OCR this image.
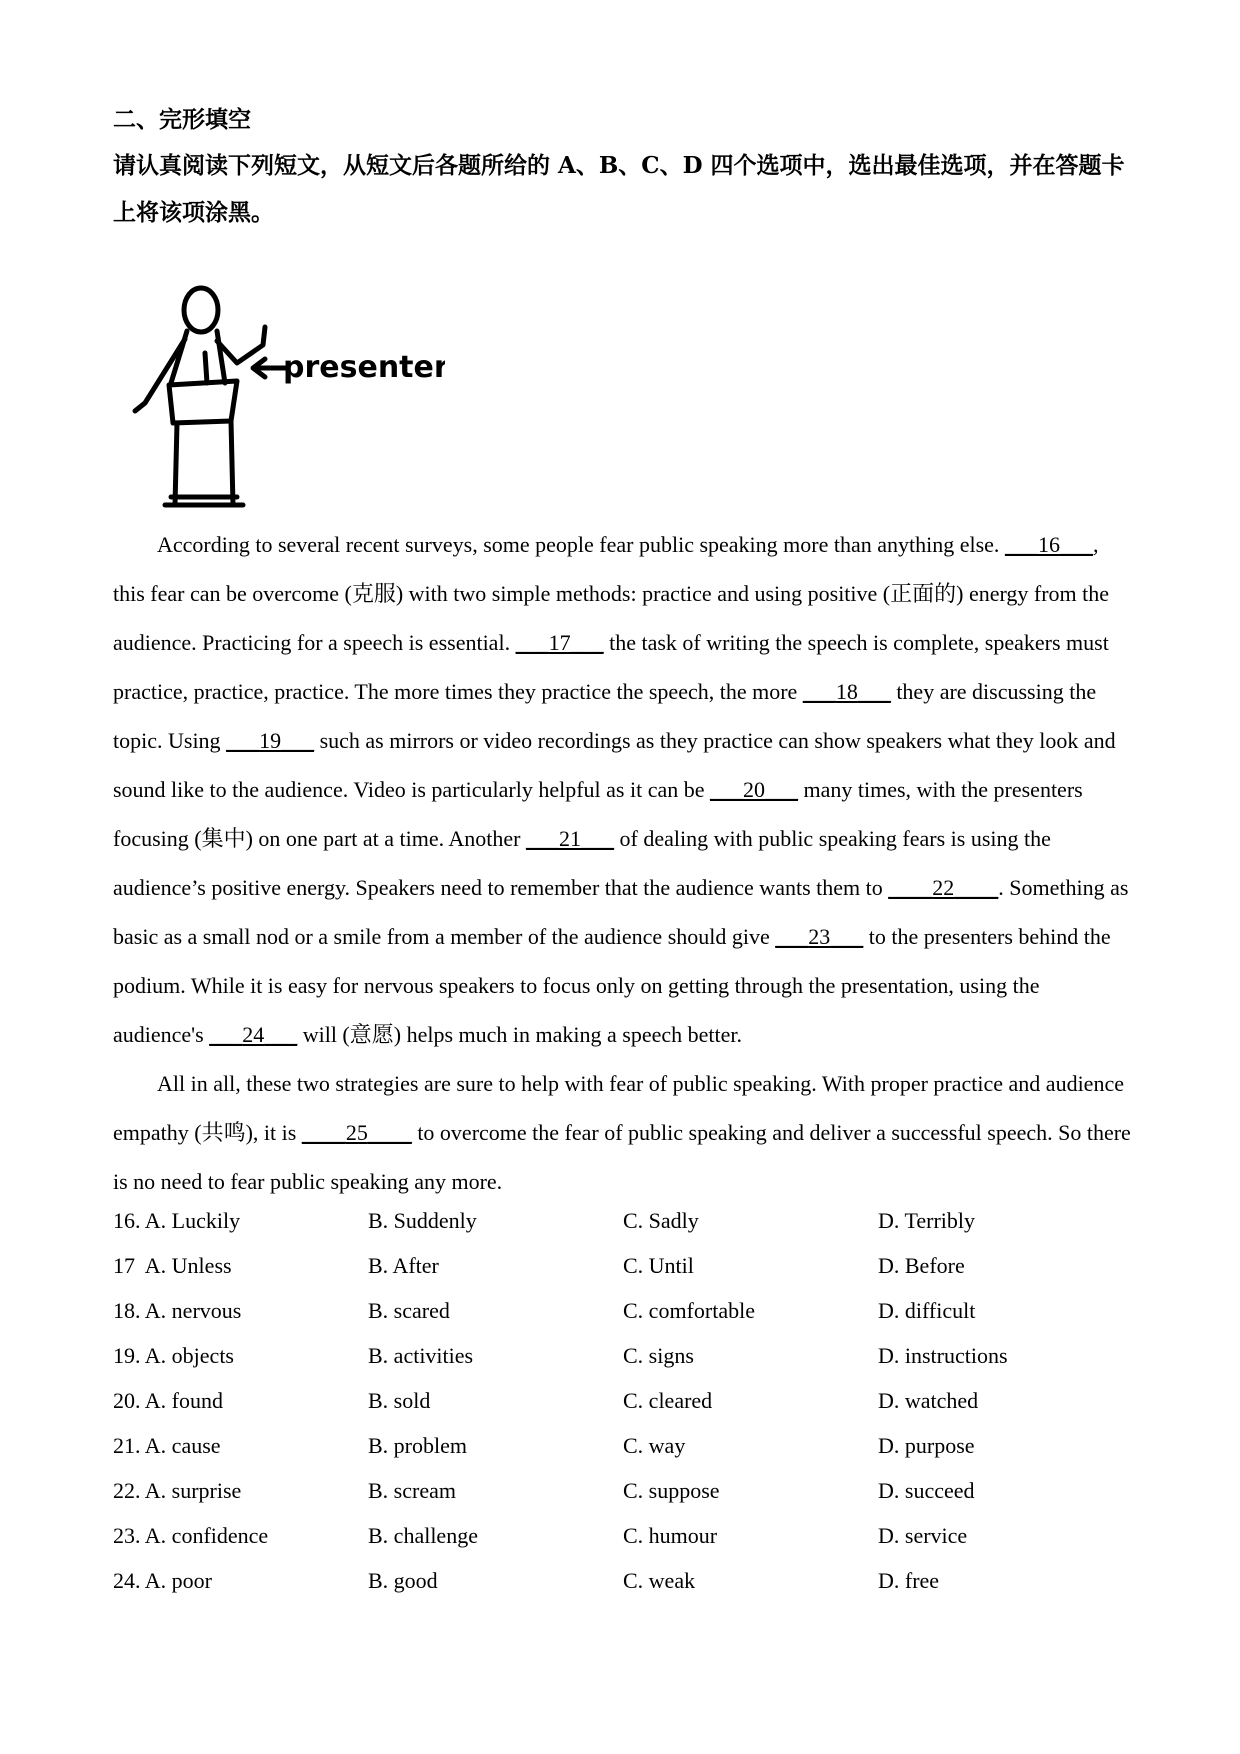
二、完形填空
请认真阅读下列短文，从短文后各题所给的 A、B、C、D 四个选项中，选出最佳选项，并在答题卡上将该项涂黑。
presenter

According to several recent surveys, some people fear public speaking more than anything else. ___16___, this fear can be overcome (克服) with two simple methods: practice and using positive (正面的) energy from the audience. Practicing for a speech is essential. ___17___ the task of writing the speech is complete, speakers must practice, practice, practice. The more times they practice the speech, the more ___18___ they are discussing the topic. Using ___19___ such as mirrors or video recordings as they practice can show speakers what they look and sound like to the audience. Video is particularly helpful as it can be ___20___ many times, with the presenters focusing (集中) on one part at a time. Another ___21___ of dealing with public speaking fears is using the audience’s positive energy. Speakers need to remember that the audience wants them to ____22____. Something as basic as a small nod or a smile from a member of the audience should give ___23___ to the presenters behind the podium. While it is easy for nervous speakers to focus only on getting through the presentation, using the audience's ___24___ will (意愿) helps much in making a speech better.

All in all, these two strategies are sure to help with fear of public speaking. With proper practice and audience empathy (共鸣), it is ____25____ to overcome the fear of public speaking and deliver a successful speech. So there is no need to fear public speaking any more.

16. A. Luckily	B. Suddenly	C. Sadly	D. Terribly
17  A. Unless	B. After	C. Until	D. Before
18. A. nervous	B. scared	C. comfortable	D. difficult
19. A. objects	B. activities	C. signs	D. instructions
20. A. found	B. sold	C. cleared	D. watched
21. A. cause	B. problem	C. way	D. purpose
22. A. surprise	B. scream	C. suppose	D. succeed
23. A. confidence	B. challenge	C. humour	D. service
24. A. poor	B. good	C. weak	D. free
